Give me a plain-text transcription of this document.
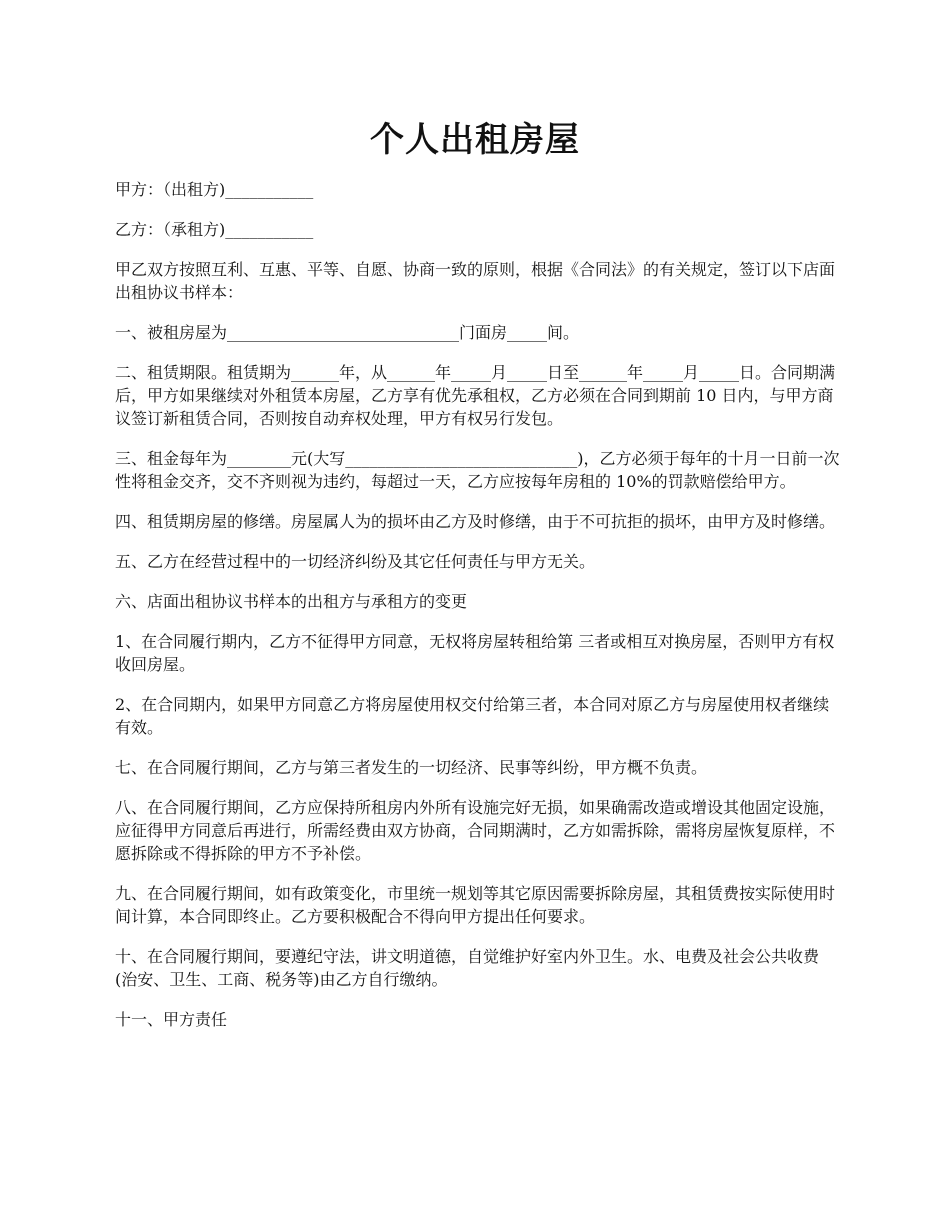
个人出租房屋

甲方：（出租方)___________

乙方：（承租方)___________

甲乙双方按照互利、互惠、平等、自愿、协商一致的原则，根据《合同法》的有关规定，签订以下店面出租协议书样本：

一、被租房屋为_____________________________门面房_____间。

二、租赁期限。租赁期为______年，从______年_____月_____日至______年_____月_____日。合同期满后，甲方如果继续对外租赁本房屋，乙方享有优先承租权，乙方必须在合同到期前 10 日内，与甲方商议签订新租赁合同，否则按自动弃权处理，甲方有权另行发包。

三、租金每年为________元(大写_____________________________)，乙方必须于每年的十月一日前一次性将租金交齐，交不齐则视为违约，每超过一天，乙方应按每年房租的 10%的罚款赔偿给甲方。

四、租赁期房屋的修缮。房屋属人为的损坏由乙方及时修缮，由于不可抗拒的损坏，由甲方及时修缮。

五、乙方在经营过程中的一切经济纠纷及其它任何责任与甲方无关。

六、店面出租协议书样本的出租方与承租方的变更

1、在合同履行期内，乙方不征得甲方同意，无权将房屋转租给第 三者或相互对换房屋，否则甲方有权收回房屋。

2、在合同期内，如果甲方同意乙方将房屋使用权交付给第三者，本合同对原乙方与房屋使用权者继续有效。

七、在合同履行期间，乙方与第三者发生的一切经济、民事等纠纷，甲方概不负责。

八、在合同履行期间，乙方应保持所租房内外所有设施完好无损，如果确需改造或增设其他固定设施，应征得甲方同意后再进行，所需经费由双方协商，合同期满时，乙方如需拆除，需将房屋恢复原样，不愿拆除或不得拆除的甲方不予补偿。

九、在合同履行期间，如有政策变化，市里统一规划等其它原因需要拆除房屋，其租赁费按实际使用时间计算，本合同即终止。乙方要积极配合不得向甲方提出任何要求。

十、在合同履行期间，要遵纪守法，讲文明道德，自觉维护好室内外卫生。水、电费及社会公共收费(治安、卫生、工商、税务等)由乙方自行缴纳。

十一、甲方责任
